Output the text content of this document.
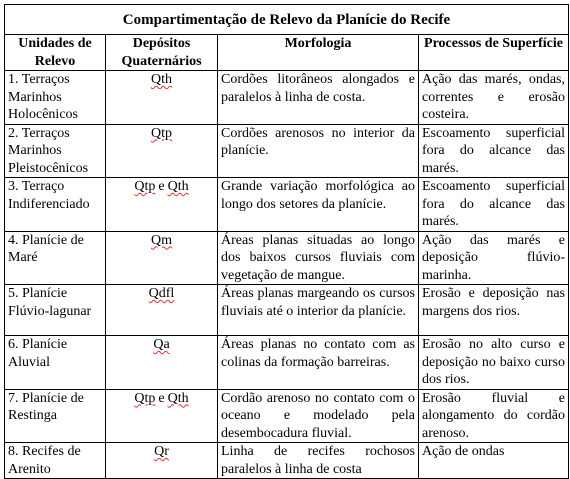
Compartimentação de Relevo da Planície do Recife			
Unidades de Relevo	Depósitos Quaternários	Morfologia	Processos de Superfície
1. Terraços Marinhos Holocênicos	Qth	Cordões litorâneos alongados e paralelos à linha de costa.	Ação das marés, ondas, correntes e erosão costeira.
2. Terraços Marinhos Pleistocênicos	Qtp	Cordões arenosos no interior da planície.	Escoamento superficial fora do alcance das marés.
3. Terraço Indiferenciado	Qtp e Qth	Grande variação morfológica ao longo dos setores da planície.	Escoamento superficial fora do alcance das marés.
4. Planície de Maré	Qm	Áreas planas situadas ao longo dos baixos cursos fluviais com vegetação de mangue.	Ação das marés e deposição flúvio-marinha.
5. Planície Flúvio-lagunar	Qdfl	Áreas planas margeando os cursos fluviais até o interior da planície.	Erosão e deposição nas margens dos rios.
6. Planície Aluvial	Qa	Áreas planas no contato com as colinas da formação barreiras.	Erosão no alto curso e deposição no baixo curso dos rios.
7. Planície de Restinga	Qtp e Qth	Cordão arenoso no contato com o oceano e modelado pela desembocadura fluvial.	Erosão fluvial e alongamento do cordão arenoso.
8. Recifes de Arenito	Qr	Linha de recifes rochosos paralelos à linha de costa	Ação de ondas
